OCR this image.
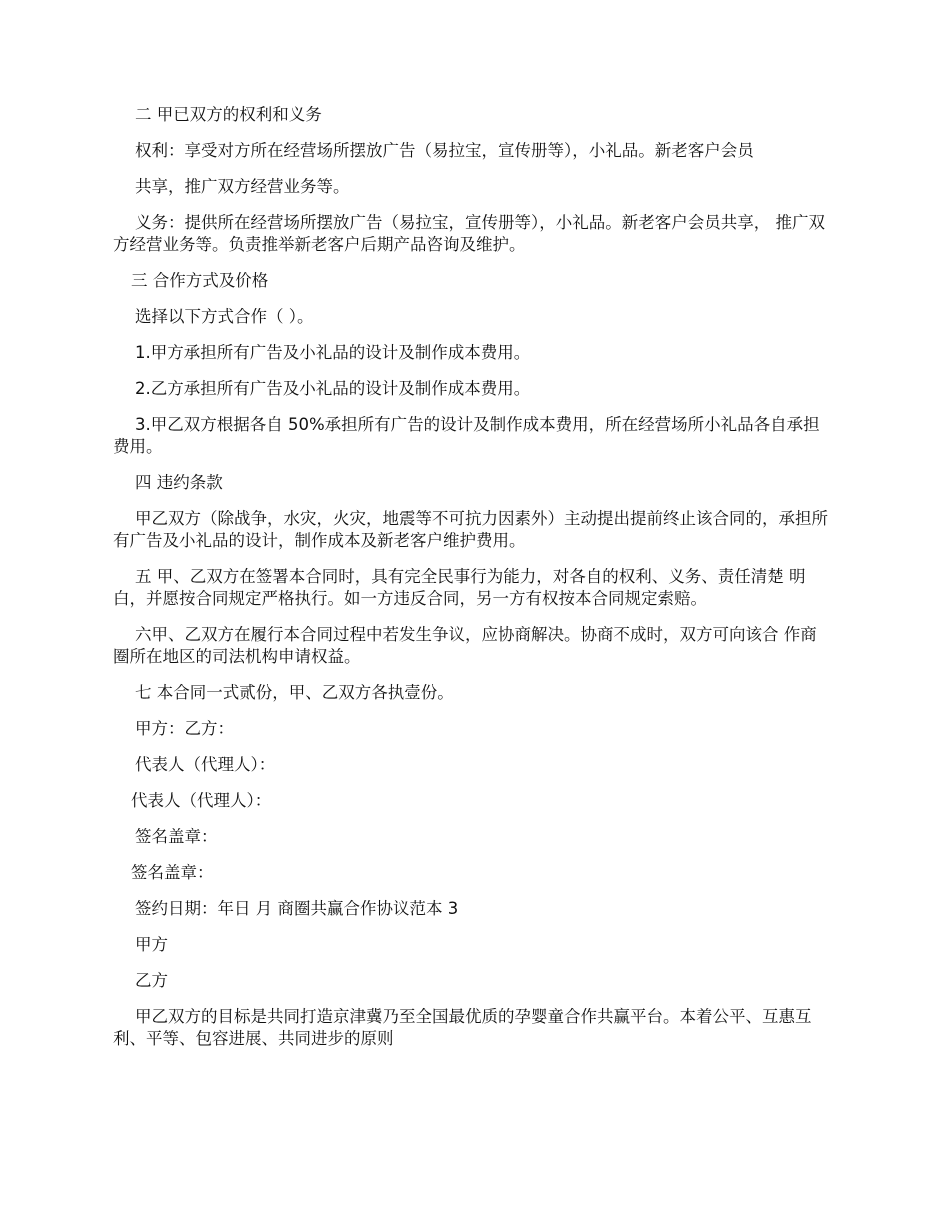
二 甲已双方的权利和义务

权利：享受对方所在经营场所摆放广告（易拉宝，宣传册等），小礼品。新老客户会员

共享，推广双方经营业务等。

义务：提供所在经营场所摆放广告（易拉宝，宣传册等），小礼品。新老客户会员共享， 推广双方经营业务等。负责推举新老客户后期产品咨询及维护。

三 合作方式及价格

选择以下方式合作（ ）。

1.甲方承担所有广告及小礼品的设计及制作成本费用。

2.乙方承担所有广告及小礼品的设计及制作成本费用。

3.甲乙双方根据各自 50%承担所有广告的设计及制作成本费用，所在经营场所小礼品各自承担费用。

四 违约条款

甲乙双方（除战争，水灾，火灾，地震等不可抗力因素外）主动提出提前终止该合同的，承担所有广告及小礼品的设计，制作成本及新老客户维护费用。

五 甲、乙双方在签署本合同时，具有完全民事行为能力，对各自的权利、义务、责任清楚 明白，并愿按合同规定严格执行。如一方违反合同，另一方有权按本合同规定索赔。

六甲、乙双方在履行本合同过程中若发生争议，应协商解决。协商不成时，双方可向该合 作商圈所在地区的司法机构申请权益。

七 本合同一式贰份，甲、乙双方各执壹份。

甲方：乙方：

代表人（代理人）：

代表人（代理人）：

签名盖章：

签名盖章：

签约日期：年日 月 商圈共赢合作协议范本 3

甲方

乙方

甲乙双方的目标是共同打造京津冀乃至全国最优质的孕婴童合作共赢平台。本着公平、互惠互利、平等、包容进展、共同进步的原则
